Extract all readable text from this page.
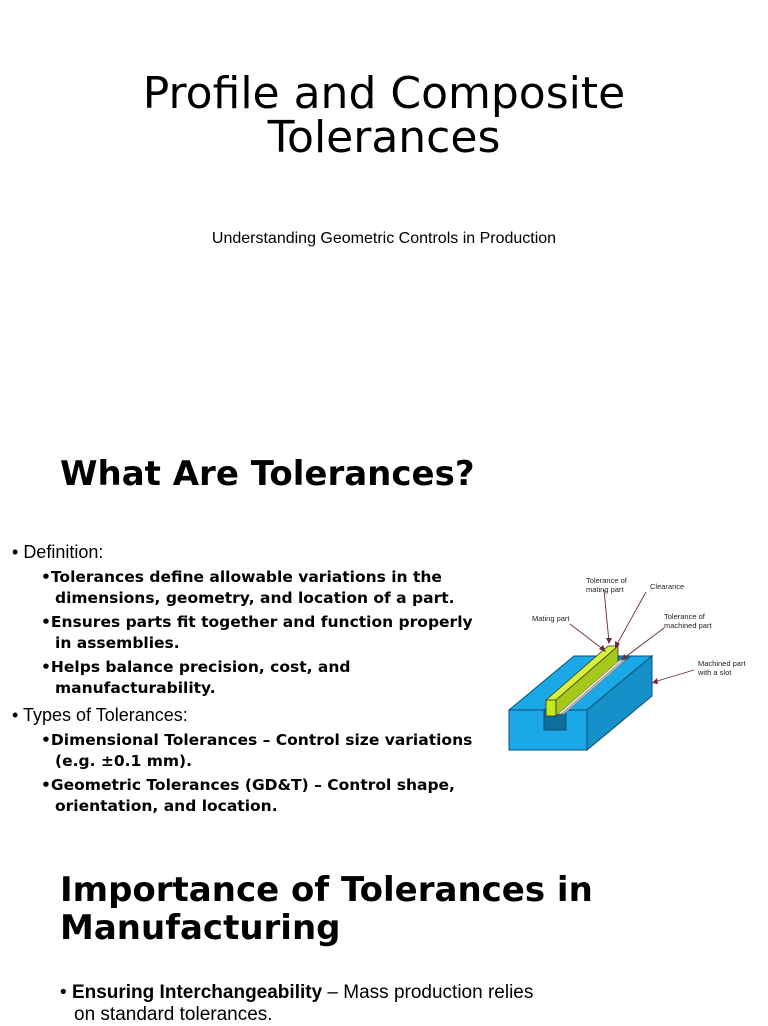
Profile and Composite
Tolerances
Understanding Geometric Controls in Production
What Are Tolerances?
• Definition:
• Tolerances define allowable variations in the dimensions, geometry, and location of a part.
• Ensures parts fit together and function properly in assemblies.
• Helps balance precision, cost, and manufacturability.
• Types of Tolerances:
• Dimensional Tolerances – Control size variations (e.g. ±0.1 mm).
• Geometric Tolerances (GD&T) – Control shape, orientation, and location.
Tolerance of
mating part	Clearance
Mating part	Tolerance of
machined part
Machined part
with a slot
Importance of Tolerances in
Manufacturing
• Ensuring Interchangeability – Mass production relies on standard tolerances.
